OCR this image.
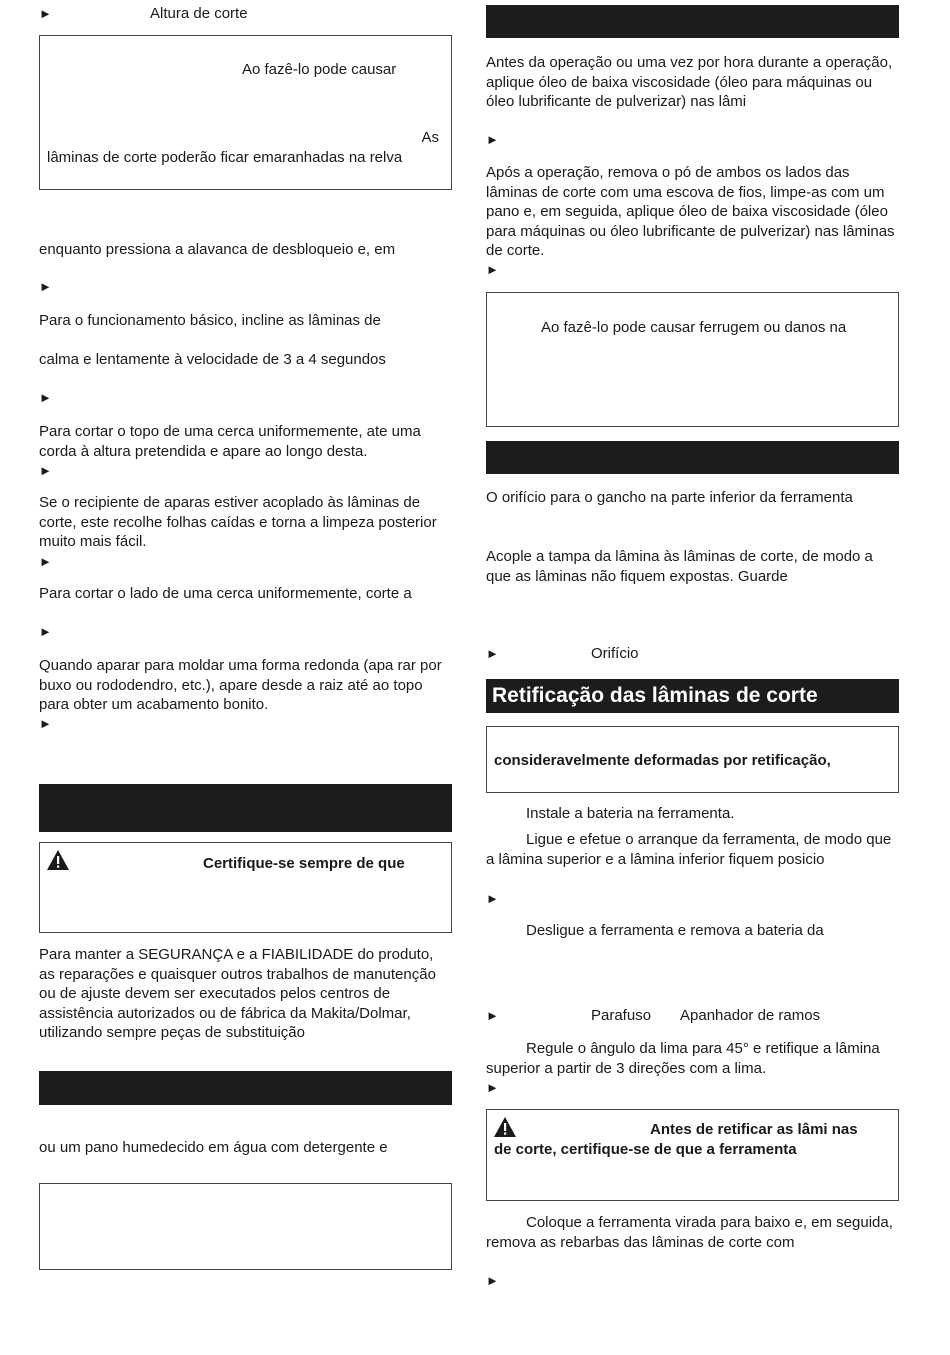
►	Altura de corte
Ao fazê-lo pode causar
As
lâminas de corte poderão ficar emaranhadas na relva

enquanto pressiona a alavanca de desbloqueio e, em

►

Para o funcionamento básico, incline as lâminas de

calma e lentamente à velocidade de 3 a 4 segundos

►

Para cortar o topo de uma cerca uniformemente, ate uma corda à altura pretendida e apare ao longo desta.

►

Se o recipiente de aparas estiver acoplado às lâminas de corte, este recolhe folhas caídas e torna a limpeza posterior muito mais fácil.

►

Para cortar o lado de uma cerca uniformemente, corte a

►

Quando aparar para moldar uma forma redonda (apa rar por buxo ou rododendro, etc.), apare desde a raiz até ao topo para obter um acabamento bonito.

►
Certifique-se sempre de que

Para manter a SEGURANÇA e a FIABILIDADE do produto, as reparações e quaisquer outros trabalhos de manutenção ou de ajuste devem ser executados pelos centros de assistência autorizados ou de fábrica da Makita/Dolmar, utilizando sempre peças de substituição

ou um pano humedecido em água com detergente e

Antes da operação ou uma vez por hora durante a operação, aplique óleo de baixa viscosidade (óleo para máquinas ou óleo lubrificante de pulverizar) nas lâmi

►

Após a operação, remova o pó de ambos os lados das lâminas de corte com uma escova de fios, limpe-as com um pano e, em seguida, aplique óleo de baixa viscosidade (óleo para máquinas ou óleo lubrificante de pulverizar) nas lâminas de corte.

►
Ao fazê-lo pode causar ferrugem ou danos na

O orifício para o gancho na parte inferior da ferramenta

Acople a tampa da lâmina às lâminas de corte, de modo a que as lâminas não fiquem expostas. Guarde

►	Orifício
Retificação das lâminas de corte
consideravelmente deformadas por retificação,

Instale a bateria na ferramenta.

Ligue e efetue o arranque da ferramenta, de modo que a lâmina superior e a lâmina inferior fiquem posicio

►

Desligue a ferramenta e remova a bateria da

►	Parafuso Apanhador de ramos

Regule o ângulo da lima para 45° e retifique a lâmina superior a partir de 3 direções com a lima.

►

Antes de retificar as lâmi nas de corte, certifique-se de que a ferramenta

Coloque a ferramenta virada para baixo e, em seguida, remova as rebarbas das lâminas de corte com

►
